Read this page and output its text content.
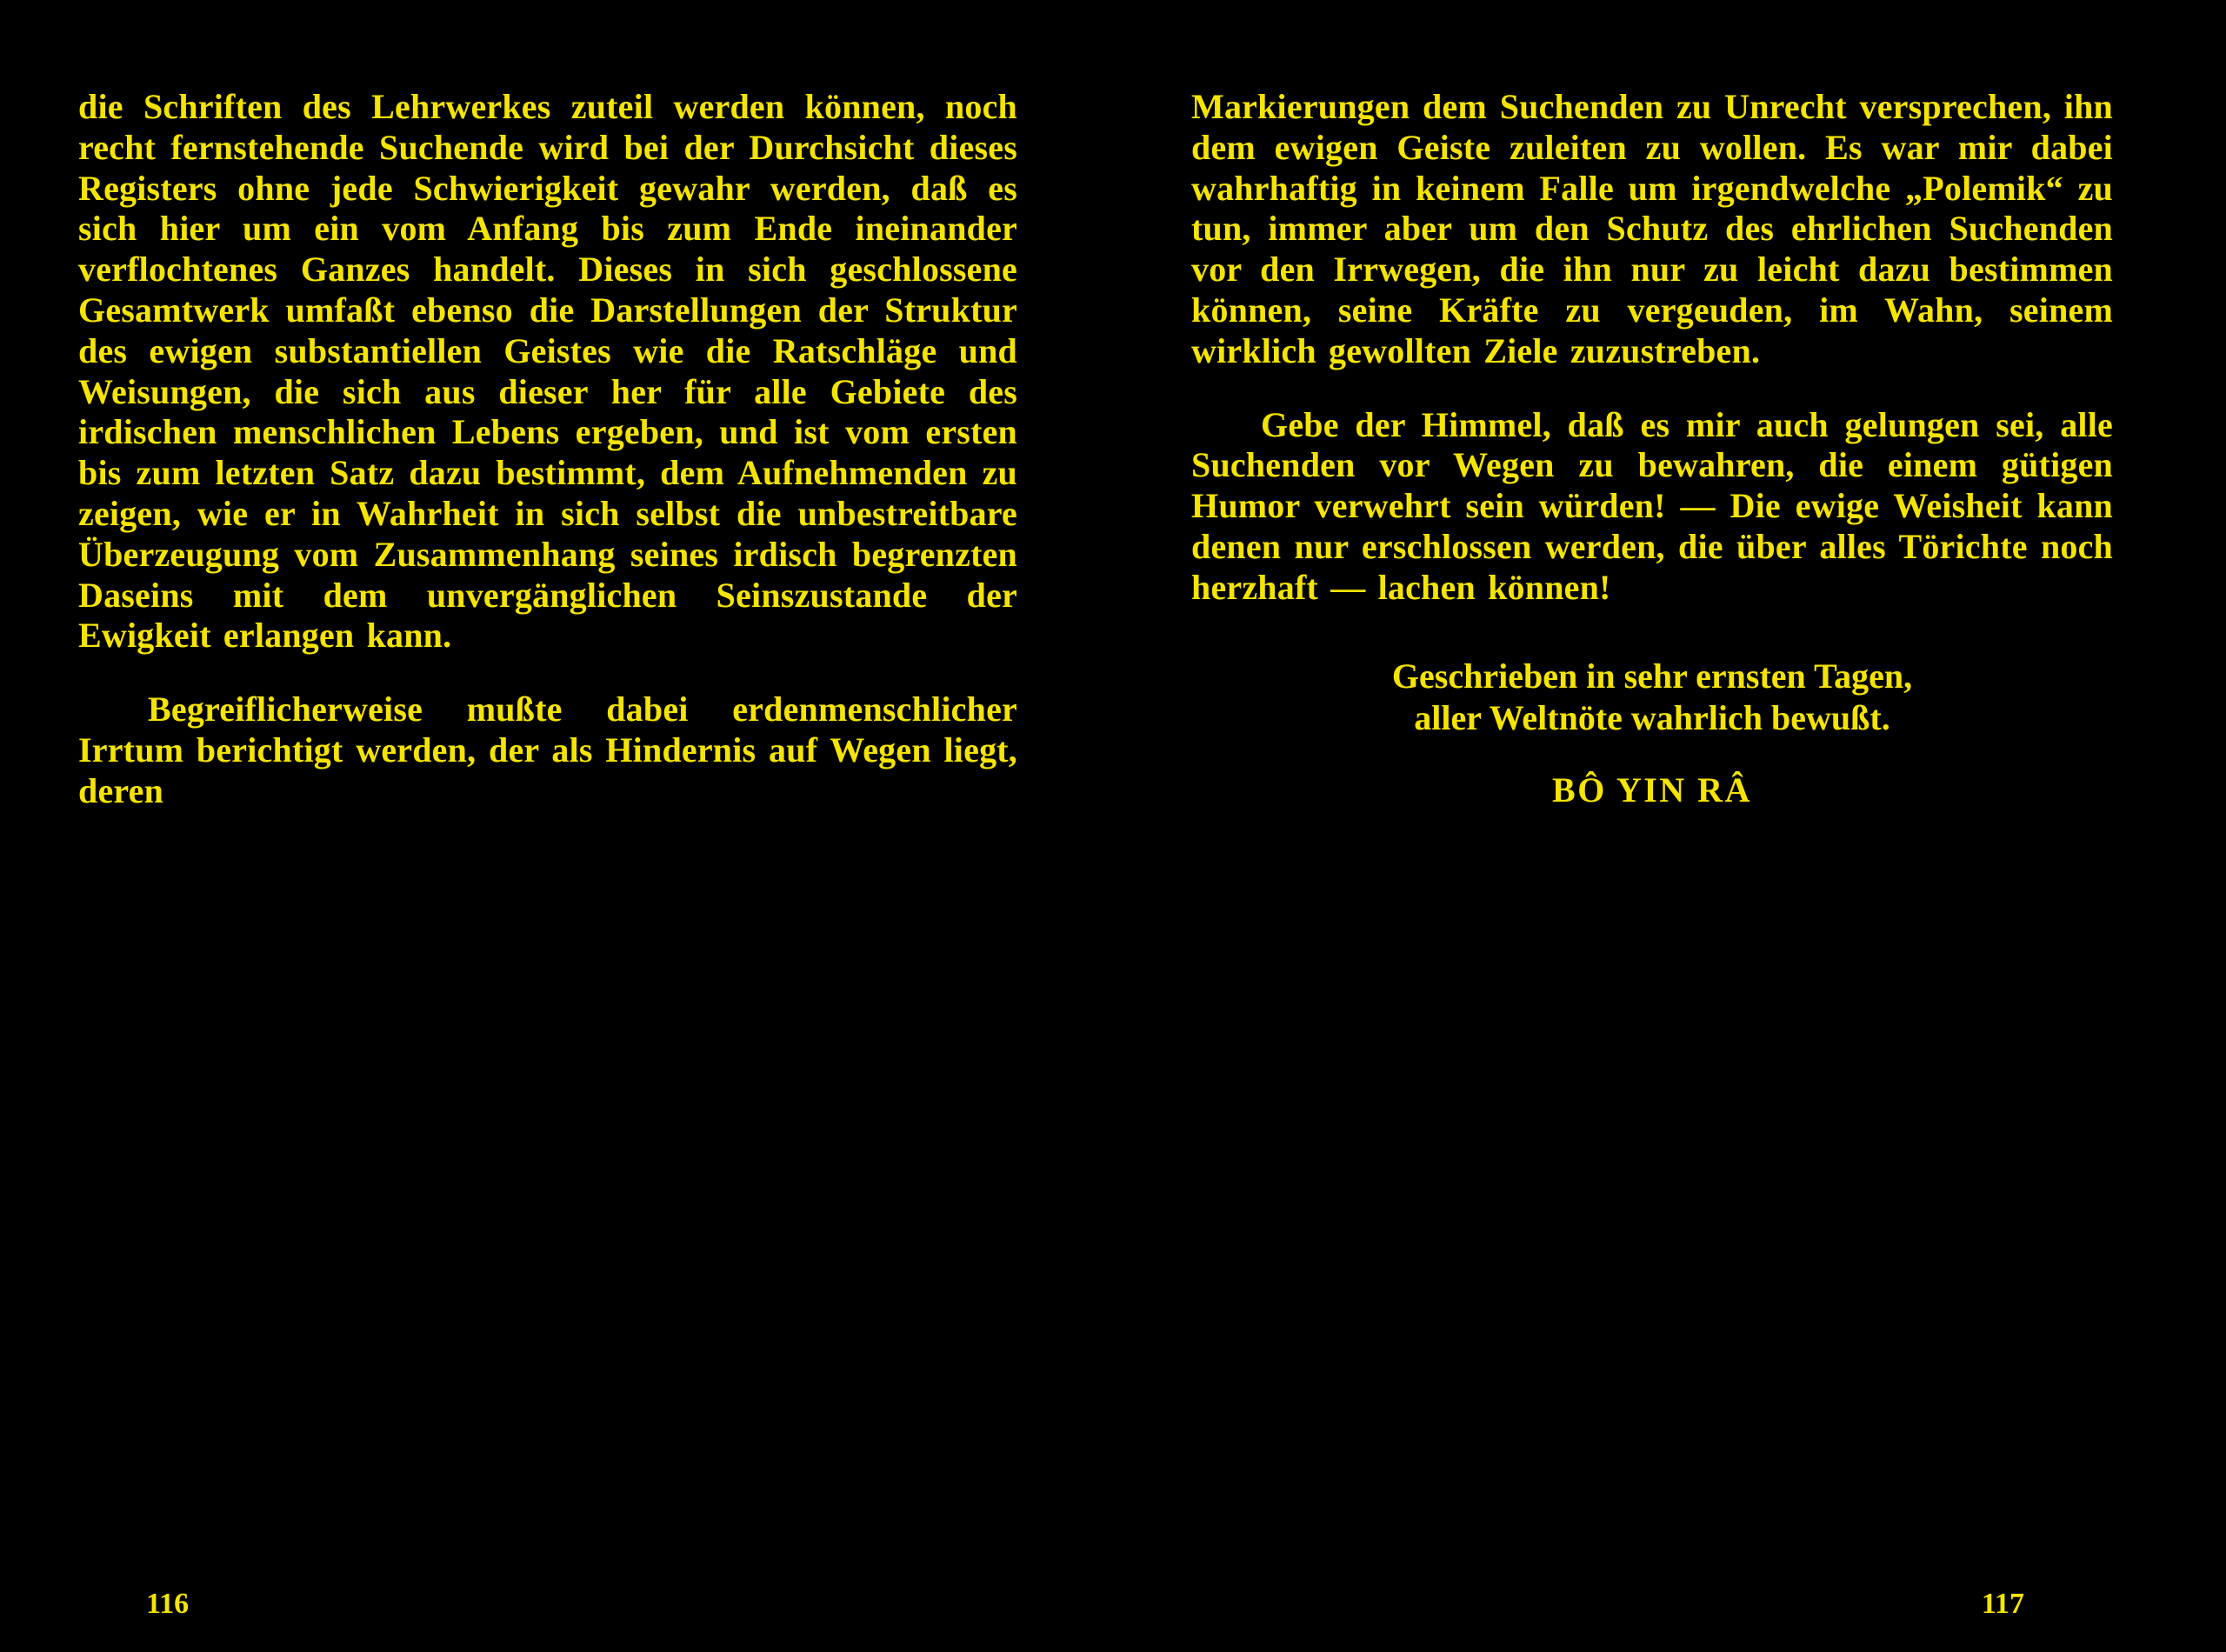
die Schriften des Lehrwerkes zuteil werden können, noch recht fernstehende Suchende wird bei der Durchsicht dieses Registers ohne jede Schwierigkeit gewahr werden, daß es sich hier um ein vom Anfang bis zum Ende ineinander verflochtenes Ganzes handelt. Dieses in sich geschlossene Gesamtwerk umfaßt ebenso die Darstellungen der Struktur des ewigen substantiellen Geistes wie die Ratschläge und Weisungen, die sich aus dieser her für alle Gebiete des irdischen menschlichen Lebens ergeben, und ist vom ersten bis zum letzten Satz dazu bestimmt, dem Aufnehmenden zu zeigen, wie er in Wahrheit in sich selbst die unbestreitbare Überzeugung vom Zusammenhang seines irdisch begrenzten Daseins mit dem unvergänglichen Seinszustande der Ewigkeit erlangen kann.

Begreiflicherweise mußte dabei erdenmenschlicher Irrtum berichtigt werden, der als Hindernis auf Wegen liegt, deren

116

Markierungen dem Suchenden zu Unrecht versprechen, ihn dem ewigen Geiste zuleiten zu wollen. Es war mir dabei wahrhaftig in keinem Falle um irgendwelche „Polemik“ zu tun, immer aber um den Schutz des ehrlichen Suchenden vor den Irrwegen, die ihn nur zu leicht dazu bestimmen können, seine Kräfte zu vergeuden, im Wahn, seinem wirklich gewollten Ziele zuzustreben.

Gebe der Himmel, daß es mir auch gelungen sei, alle Suchenden vor Wegen zu bewahren, die einem gütigen Humor verwehrt sein würden! — Die ewige Weisheit kann denen nur erschlossen werden, die über alles Törichte noch herzhaft — lachen können!

Geschrieben in sehr ernsten Tagen,
aller Weltnöte wahrlich bewußt.
BÔ YIN RÂ
117
